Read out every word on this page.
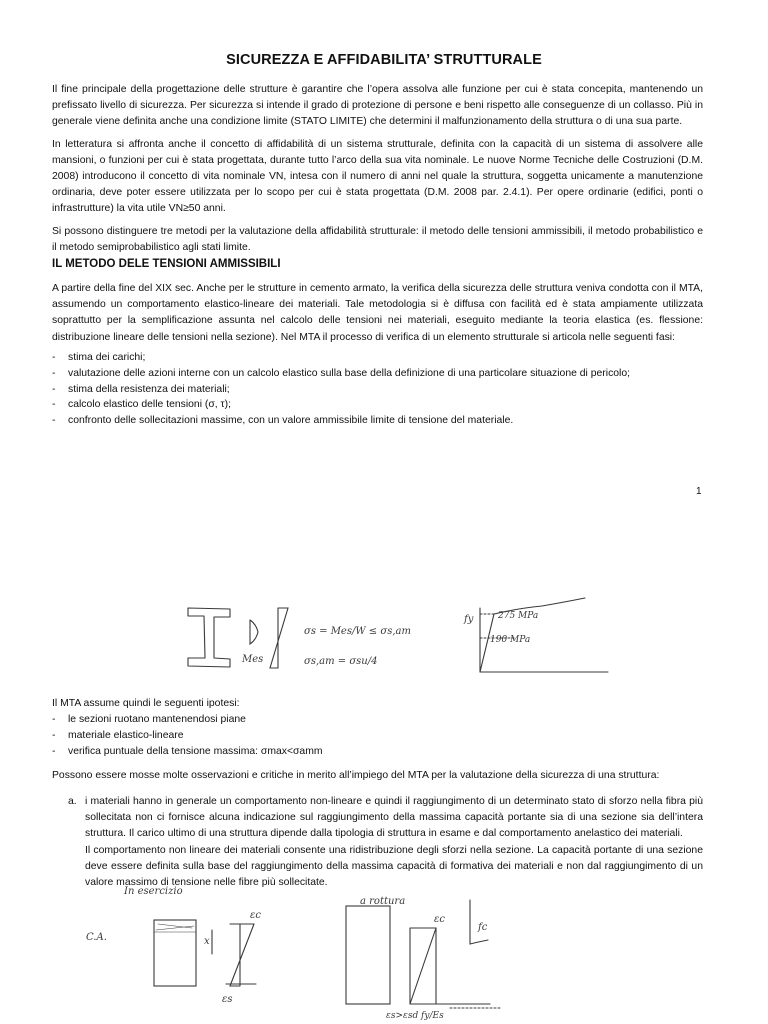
SICUREZZA E AFFIDABILITA’ STRUTTURALE

Il fine principale della progettazione delle strutture è garantire che l’opera assolva alle funzione per cui è stata concepita, mantenendo un prefissato livello di sicurezza. Per sicurezza si intende il grado di protezione di persone e beni rispetto alle conseguenze di un collasso. Più in generale viene definita anche una condizione limite (STATO LIMITE) che determini il malfunzionamento della struttura o di una sua parte.

In letteratura si affronta anche il concetto di affidabilità di un sistema strutturale, definita con la capacità di un sistema di assolvere alle mansioni, o funzioni per cui è stata progettata, durante tutto l’arco della sua vita nominale. Le nuove Norme Tecniche delle Costruzioni (D.M. 2008) introducono il concetto di vita nominale VN, intesa con il numero di anni nel quale la struttura, soggetta unicamente a manutenzione ordinaria, deve poter essere utilizzata per lo scopo per cui è stata progettata (D.M. 2008 par. 2.4.1). Per opere ordinarie (edifici, ponti o infrastrutture) la vita utile VN≥50 anni.

Si possono distinguere tre metodi per la valutazione della affidabilità strutturale: il metodo delle tensioni ammissibili, il metodo probabilistico e il metodo semiprobabilistico agli stati limite.

IL METODO DELE TENSIONI AMMISSIBILI
A partire della fine del XIX sec. Anche per le strutture in cemento armato, la verifica della sicurezza delle struttura veniva condotta con il MTA, assumendo un comportamento elastico-lineare dei materiali. Tale metodologia si è diffusa con facilità ed è stata ampiamente utilizzata soprattutto per la semplificazione assunta nel calcolo delle tensioni nei materiali, eseguito mediante la teoria elastica (es. flessione: distribuzione lineare delle tensioni nella sezione). Nel MTA il processo di verifica di un elemento strutturale si articola nelle seguenti fasi:
- stima dei carichi;
- valutazione delle azioni interne con un calcolo elastico sulla base della definizione di una particolare situazione di pericolo;
- stima della resistenza dei materiali;
- calcolo elastico delle tensioni (σ, τ);
- confronto delle sollecitazioni massime, con un valore ammissibile limite di tensione del materiale.
1
Mes
σs = Mes/W ≤ σs,am
σs,am = σsu/4
fy	275 MPa
190 MPa
Il MTA assume quindi le seguenti ipotesi:
- le sezioni ruotano mantenendosi piane
- materiale elastico-lineare
- verifica puntuale della tensione massima: σmax<σamm
Possono essere mosse molte osservazioni e critiche in merito all’impiego del MTA per la valutazione della sicurezza di una struttura:
a. i materiali hanno in generale un comportamento non-lineare e quindi il raggiungimento di un determinato stato di sforzo nella fibra più sollecitata non ci fornisce alcuna indicazione sul raggiungimento della massima capacità portante sia di una sezione sia dell’intera struttura. Il carico ultimo di una struttura dipende dalla tipologia di struttura in esame e dal comportamento anelastico dei materiali.
Il comportamento non lineare dei materiali consente una ridistribuzione degli sforzi nella sezione. La capacità portante di una sezione deve essere definita sulla base del raggiungimento della massima capacità di formativa dei materiali e non dal raggiungimento di un valore massimo di tensione nelle fibre più sollecitate.
In esercizio
a rottura
C.A.
εc
εs
x
εc
fc
εs>εsd fy/Es
